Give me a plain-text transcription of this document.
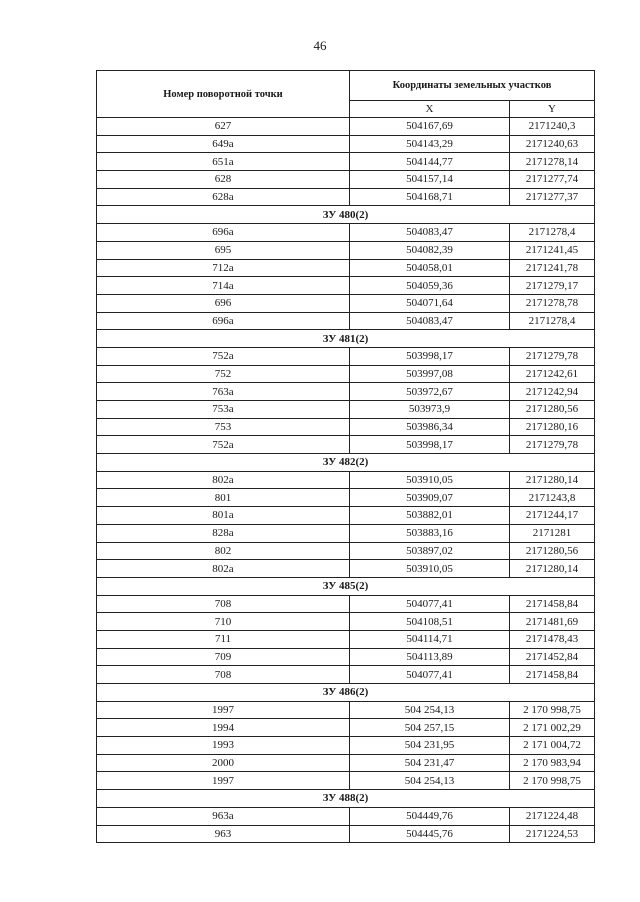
46
Номер поворотной точки	Координаты земельных участков	
	X	Y
627	504167,69	2171240,3
649а	504143,29	2171240,63
651а	504144,77	2171278,14
628	504157,14	2171277,74
628а	504168,71	2171277,37
ЗУ 480(2)		
696а	504083,47	2171278,4
695	504082,39	2171241,45
712а	504058,01	2171241,78
714а	504059,36	2171279,17
696	504071,64	2171278,78
696а	504083,47	2171278,4
ЗУ 481(2)		
752а	503998,17	2171279,78
752	503997,08	2171242,61
763а	503972,67	2171242,94
753а	503973,9	2171280,56
753	503986,34	2171280,16
752а	503998,17	2171279,78
ЗУ 482(2)		
802а	503910,05	2171280,14
801	503909,07	2171243,8
801а	503882,01	2171244,17
828а	503883,16	2171281
802	503897,02	2171280,56
802а	503910,05	2171280,14
ЗУ 485(2)		
708	504077,41	2171458,84
710	504108,51	2171481,69
711	504114,71	2171478,43
709	504113,89	2171452,84
708	504077,41	2171458,84
ЗУ 486(2)		
1997	504 254,13	2 170 998,75
1994	504 257,15	2 171 002,29
1993	504 231,95	2 171 004,72
2000	504 231,47	2 170 983,94
1997	504 254,13	2 170 998,75
ЗУ 488(2)		
963а	504449,76	2171224,48
963	504445,76	2171224,53
